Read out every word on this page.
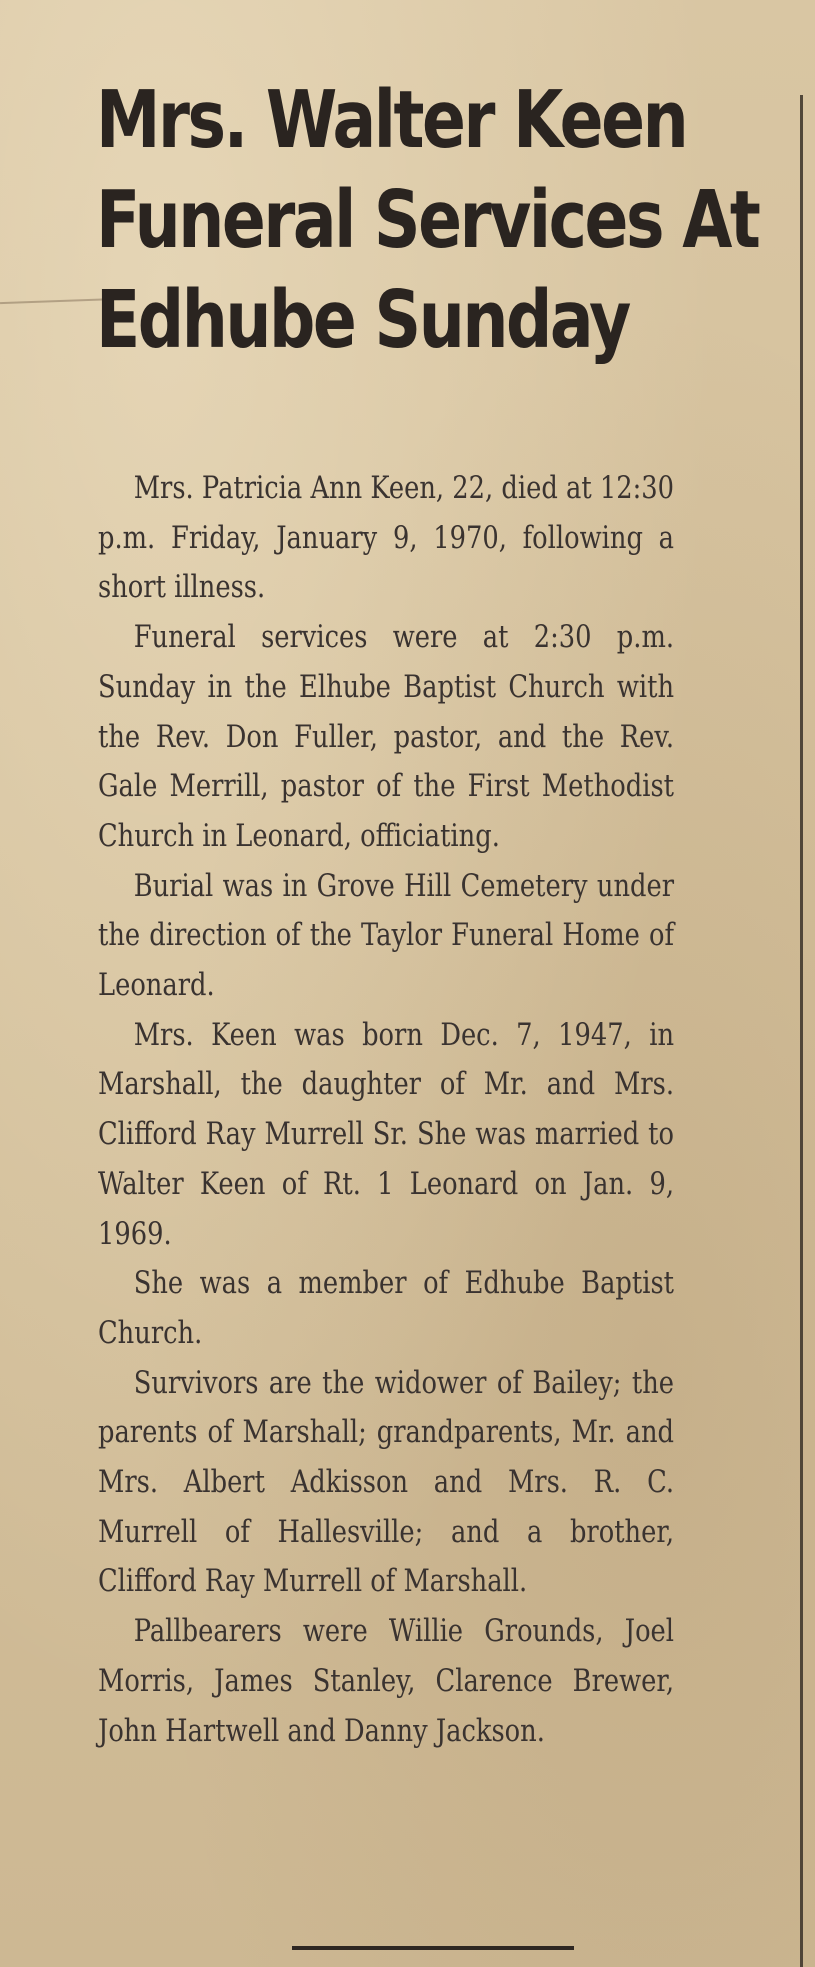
Mrs. Walter Keen
Funeral Services At
Edhube Sunday

Mrs. Patricia Ann Keen, 22, died at 12:30 p.m. Friday, January 9, 1970, following a short illness.

Funeral services were at 2:30 p.m. Sunday in the Elhube Baptist Church with the Rev. Don Fuller, pastor, and the Rev. Gale Merrill, pastor of the First Methodist Church in Leonard, officiating.

Burial was in Grove Hill Cemetery under the direction of the Taylor Funeral Home of Leonard.

Mrs. Keen was born Dec. 7, 1947, in Marshall, the daughter of Mr. and Mrs. Clifford Ray Murrell Sr. She was married to Walter Keen of Rt. 1 Leonard on Jan. 9, 1969.

She was a member of Edhube Baptist Church.

Survivors are the widower of Bailey; the parents of Marshall; grandparents, Mr. and Mrs. Albert Adkisson and Mrs. R. C. Murrell of Hallesville; and a brother, Clifford Ray Murrell of Marshall.

Pallbearers were Willie Grounds, Joel Morris, James Stanley, Clarence Brewer, John Hartwell and Danny Jackson.
